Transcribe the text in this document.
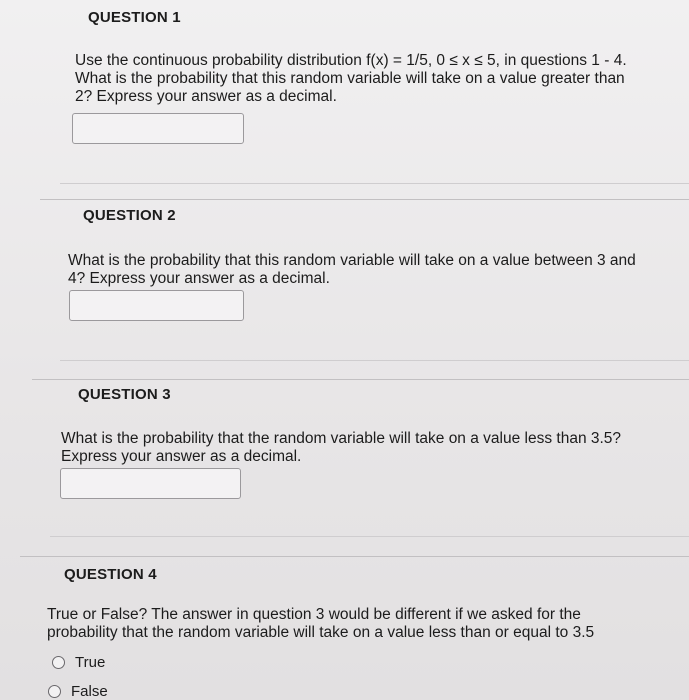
QUESTION 1
Use the continuous probability distribution f(x) = 1/5, 0 ≤ x ≤ 5, in questions 1 - 4.
What is the probability that this random variable will take on a value greater than
2? Express your answer as a decimal.
QUESTION 2
What is the probability that this random variable will take on a value between 3 and
4? Express your answer as a decimal.
QUESTION 3
What is the probability that the random variable will take on a value less than 3.5?
Express your answer as a decimal.
QUESTION 4
True or False? The answer in question 3 would be different if we asked for the
probability that the random variable will take on a value less than or equal to 3.5
True
False
